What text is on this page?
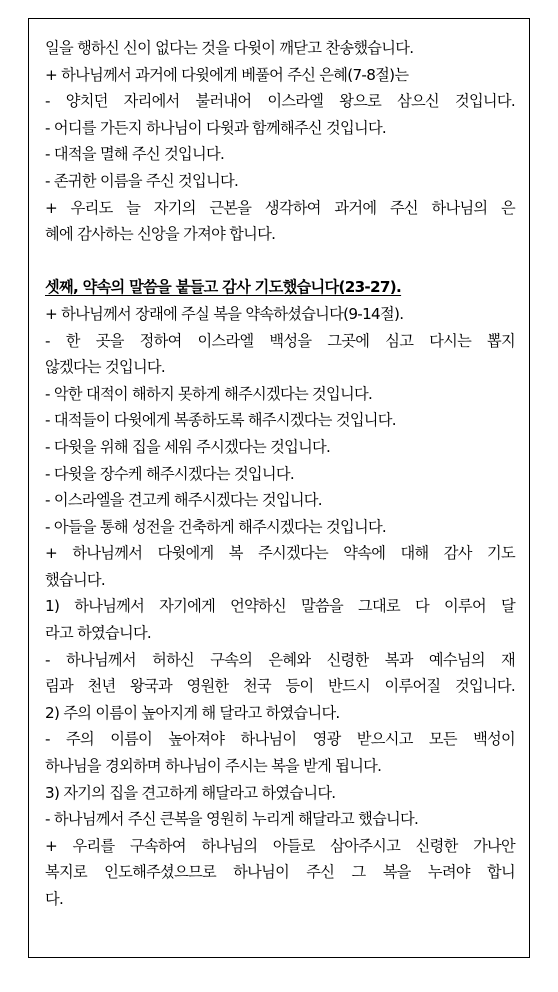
일을 행하신 신이 없다는 것을 다윗이 깨닫고 찬송했습니다.
+ 하나님께서 과거에 다윗에게 베풀어 주신 은혜(7-8절)는
- 양치던 자리에서 불러내어 이스라엘 왕으로 삼으신 것입니다.
- 어디를 가든지 하나님이 다윗과 함께해주신 것입니다.
- 대적을 멸해 주신 것입니다.
- 존귀한 이름을 주신 것입니다.
+ 우리도 늘 자기의 근본을 생각하여 과거에 주신 하나님의 은
혜에 감사하는 신앙을 가져야 합니다.
셋째, 약속의 말씀을 붙들고 감사 기도했습니다(23-27).
+ 하나님께서 장래에 주실 복을 약속하셨습니다(9-14절).
- 한 곳을 정하여 이스라엘 백성을 그곳에 심고 다시는 뽑지
않겠다는 것입니다.
- 악한 대적이 해하지 못하게 해주시겠다는 것입니다.
- 대적들이 다윗에게 복종하도록 해주시겠다는 것입니다.
- 다윗을 위해 집을 세워 주시겠다는 것입니다.
- 다윗을 장수케 해주시겠다는 것입니다.
- 이스라엘을 견고케 해주시겠다는 것입니다.
- 아들을 통해 성전을 건축하게 해주시겠다는 것입니다.
+ 하나님께서 다윗에게 복 주시겠다는 약속에 대해 감사 기도
했습니다.
1) 하나님께서 자기에게 언약하신 말씀을 그대로 다 이루어 달
라고 하였습니다.
- 하나님께서 허하신 구속의 은혜와 신령한 복과 예수님의 재
림과 천년 왕국과 영원한 천국 등이 반드시 이루어질 것입니다.
2) 주의 이름이 높아지게 해 달라고 하였습니다.
- 주의 이름이 높아져야 하나님이 영광 받으시고 모든 백성이
하나님을 경외하며 하나님이 주시는 복을 받게 됩니다.
3) 자기의 집을 견고하게 해달라고 하였습니다.
- 하나님께서 주신 큰복을 영원히 누리게 해달라고 했습니다.
+ 우리를 구속하여 하나님의 아들로 삼아주시고 신령한 가나안
복지로 인도해주셨으므로 하나님이 주신 그 복을 누려야 합니
다.
